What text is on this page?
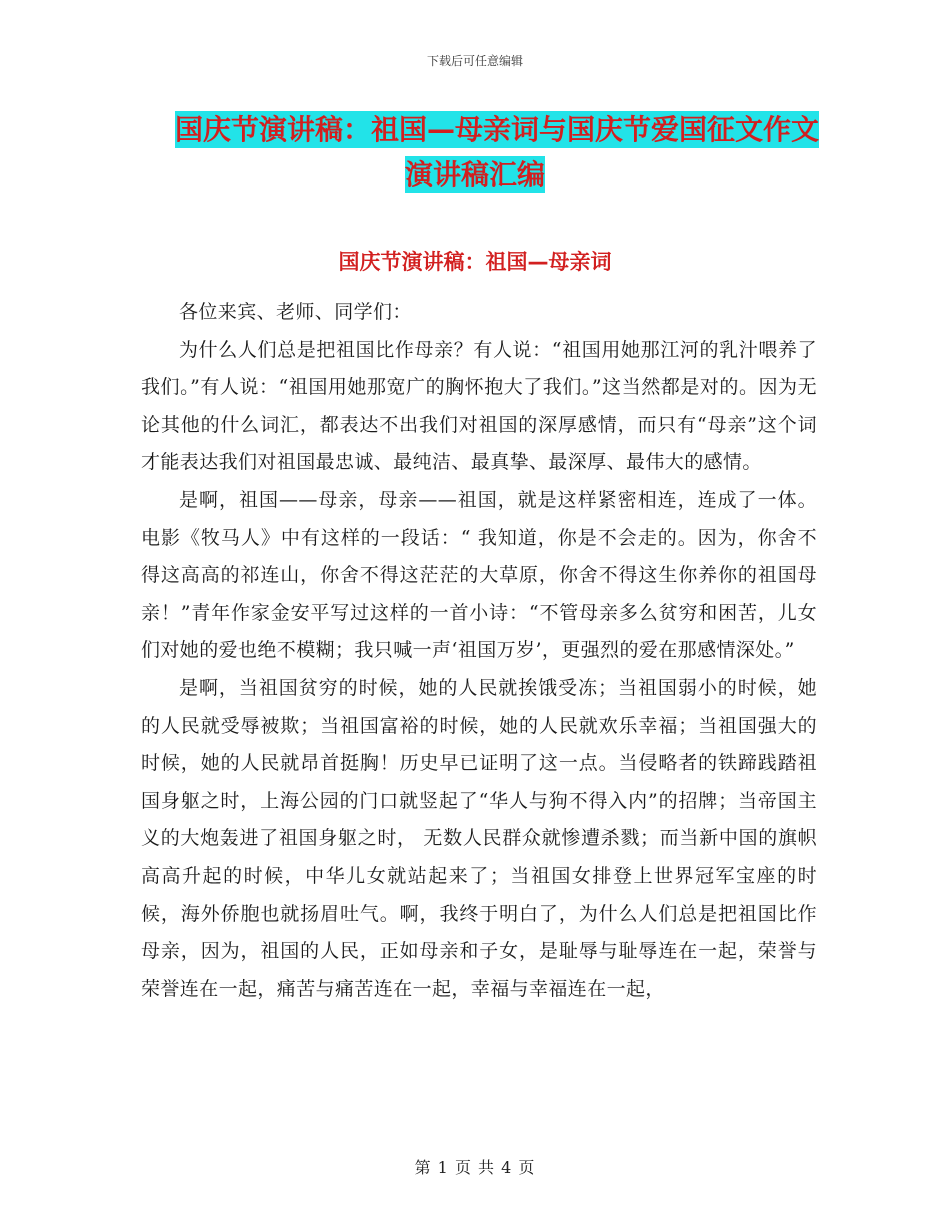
下载后可任意编辑
国庆节演讲稿：祖国—母亲词与国庆节爱国征文作文
演讲稿汇编
国庆节演讲稿：祖国—母亲词

各位来宾、老师、同学们：

为什么人们总是把祖国比作母亲？有人说：“祖国用她那江河的乳汁喂养了我们。”有人说：“祖国用她那宽广的胸怀抱大了我们。”这当然都是对的。因为无论其他的什么词汇，都表达不出我们对祖国的深厚感情，而只有“母亲”这个词才能表达我们对祖国最忠诚、最纯洁、最真挚、最深厚、最伟大的感情。

是啊，祖国——母亲，母亲——祖国，就是这样紧密相连，连成了一体。电影《牧马人》中有这样的一段话：“ 我知道，你是不会走的。因为，你舍不得这高高的祁连山，你舍不得这茫茫的大草原，你舍不得这生你养你的祖国母亲！”青年作家金安平写过这样的一首小诗：“不管母亲多么贫穷和困苦，儿女们对她的爱也绝不模糊；我只喊一声‘祖国万岁’，更强烈的爱在那感情深处。”

是啊，当祖国贫穷的时候，她的人民就挨饿受冻；当祖国弱小的时候，她的人民就受辱被欺；当祖国富裕的时候，她的人民就欢乐幸福；当祖国强大的时候，她的人民就昂首挺胸！历史早已证明了这一点。当侵略者的铁蹄践踏祖国身躯之时，上海公园的门口就竖起了“华人与狗不得入内”的招牌；当帝国主义的大炮轰进了祖国身躯之时， 无数人民群众就惨遭杀戮；而当新中国的旗帜高高升起的时候，中华儿女就站起来了；当祖国女排登上世界冠军宝座的时候，海外侨胞也就扬眉吐气。啊，我终于明白了，为什么人们总是把祖国比作母亲，因为，祖国的人民，正如母亲和子女，是耻辱与耻辱连在一起，荣誉与荣誉连在一起，痛苦与痛苦连在一起，幸福与幸福连在一起，

第 1 页 共 4 页
